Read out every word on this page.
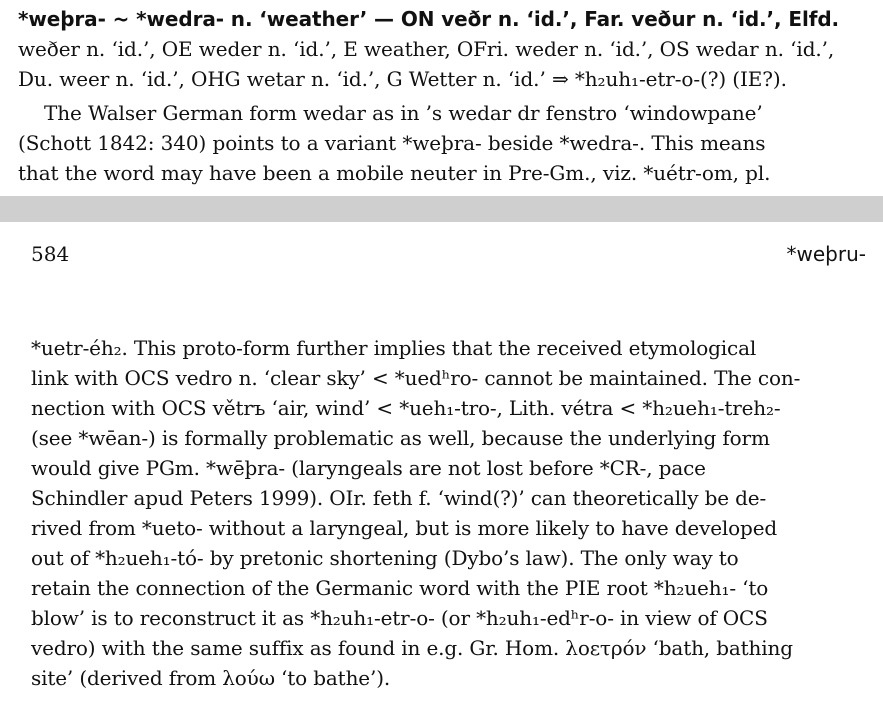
*weþra- ~ *wedra- n. ‘weather’ — ON veðr n. ‘id.’, Far. veður n. ‘id.’, Elfd.
weðer n. ‘id.’, OE weder n. ‘id.’, E weather, OFri. weder n. ‘id.’, OS wedar n. ‘id.’,
Du. weer n. ‘id.’, OHG wetar n. ‘id.’, G Wetter n. ‘id.’ ⇒ *h₂uh₁-etr-o-(?) (IE?).
The Walser German form wedar as in ’s wedar dr fenstro ‘windowpane’
(Schott 1842: 340) points to a variant *weþra- beside *wedra-. This means
that the word may have been a mobile neuter in Pre-Gm., viz. *uétr-om, pl.
584	*weþru-
*uetr-éh₂. This proto-form further implies that the received etymological
link with OCS vedro n. ‘clear sky’ < *uedʰro- cannot be maintained. The con-
nection with OCS větrъ ‘air, wind’ < *ueh₁-tro-, Lith. vе́tra < *h₂ueh₁-treh₂-
(see *wēan-) is formally problematic as well, because the underlying form
would give PGm. *wēþra- (laryngeals are not lost before *CR-, pace
Schindler apud Peters 1999). OIr. feth f. ‘wind(?)’ can theoretically be de-
rived from *ueto- without a laryngeal, but is more likely to have developed
out of *h₂ueh₁-tó- by pretonic shortening (Dybo’s law). The only way to
retain the connection of the Germanic word with the PIE root *h₂ueh₁- ‘to
blow’ is to reconstruct it as *h₂uh₁-etr-o- (or *h₂uh₁-edʰr-o- in view of OCS
vedro) with the same suffix as found in e.g. Gr. Hom. λοετρόν ‘bath, bathing
site’ (derived from λούω ‘to bathe’).
